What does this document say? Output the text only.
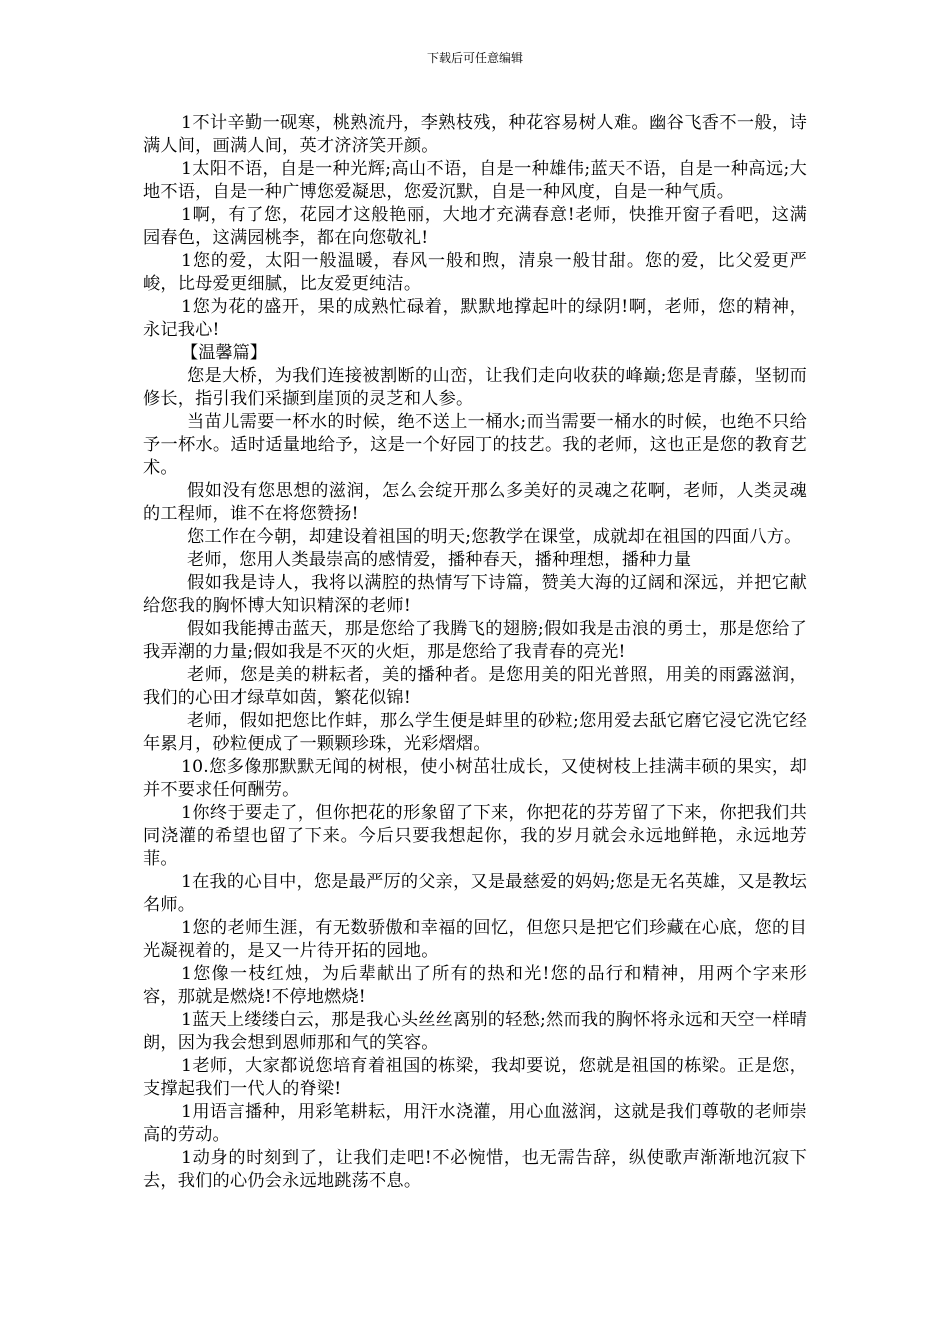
下载后可任意编辑

1不计辛勤一砚寒，桃熟流丹，李熟枝残，种花容易树人难。幽谷飞香不一般，诗满人间，画满人间，英才济济笑开颜。

1太阳不语，自是一种光辉;高山不语，自是一种雄伟;蓝天不语，自是一种高远;大地不语，自是一种广博您爱凝思，您爱沉默，自是一种风度，自是一种气质。

1啊，有了您，花园才这般艳丽，大地才充满春意!老师，快推开窗子看吧，这满园春色，这满园桃李，都在向您敬礼!

1您的爱，太阳一般温暖，春风一般和煦，清泉一般甘甜。您的爱，比父爱更严峻，比母爱更细腻，比友爱更纯洁。

1您为花的盛开，果的成熟忙碌着，默默地撑起叶的绿阴!啊，老师，您的精神，永记我心!

【温馨篇】

您是大桥，为我们连接被割断的山峦，让我们走向收获的峰巅;您是青藤，坚韧而修长，指引我们采撷到崖顶的灵芝和人参。

当苗儿需要一杯水的时候，绝不送上一桶水;而当需要一桶水的时候，也绝不只给予一杯水。适时适量地给予，这是一个好园丁的技艺。我的老师，这也正是您的教育艺术。

假如没有您思想的滋润，怎么会绽开那么多美好的灵魂之花啊，老师，人类灵魂的工程师，谁不在将您赞扬!

您工作在今朝，却建设着祖国的明天;您教学在课堂，成就却在祖国的四面八方。

老师，您用人类最崇高的感情爱，播种春天，播种理想，播种力量

假如我是诗人，我将以满腔的热情写下诗篇，赞美大海的辽阔和深远，并把它献给您我的胸怀博大知识精深的老师!

假如我能搏击蓝天，那是您给了我腾飞的翅膀;假如我是击浪的勇士，那是您给了我弄潮的力量;假如我是不灭的火炬，那是您给了我青春的亮光!

老师，您是美的耕耘者，美的播种者。是您用美的阳光普照，用美的雨露滋润，我们的心田才绿草如茵，繁花似锦!

老师，假如把您比作蚌，那么学生便是蚌里的砂粒;您用爱去舐它磨它浸它洗它经年累月，砂粒便成了一颗颗珍珠，光彩熠熠。

10.您多像那默默无闻的树根，使小树茁壮成长，又使树枝上挂满丰硕的果实，却并不要求任何酬劳。

1你终于要走了，但你把花的形象留了下来，你把花的芬芳留了下来，你把我们共同浇灌的希望也留了下来。今后只要我想起你，我的岁月就会永远地鲜艳，永远地芳菲。

1在我的心目中，您是最严厉的父亲，又是最慈爱的妈妈;您是无名英雄，又是教坛名师。

1您的老师生涯，有无数骄傲和幸福的回忆，但您只是把它们珍藏在心底，您的目光凝视着的，是又一片待开拓的园地。

1您像一枝红烛，为后辈献出了所有的热和光!您的品行和精神，用两个字来形容，那就是燃烧!不停地燃烧!

1蓝天上缕缕白云，那是我心头丝丝离别的轻愁;然而我的胸怀将永远和天空一样晴朗，因为我会想到恩师那和气的笑容。

1老师，大家都说您培育着祖国的栋梁，我却要说，您就是祖国的栋梁。正是您，支撑起我们一代人的脊梁!

1用语言播种，用彩笔耕耘，用汗水浇灌，用心血滋润，这就是我们尊敬的老师崇高的劳动。

1动身的时刻到了，让我们走吧!不必惋惜，也无需告辞，纵使歌声渐渐地沉寂下去，我们的心仍会永远地跳荡不息。
